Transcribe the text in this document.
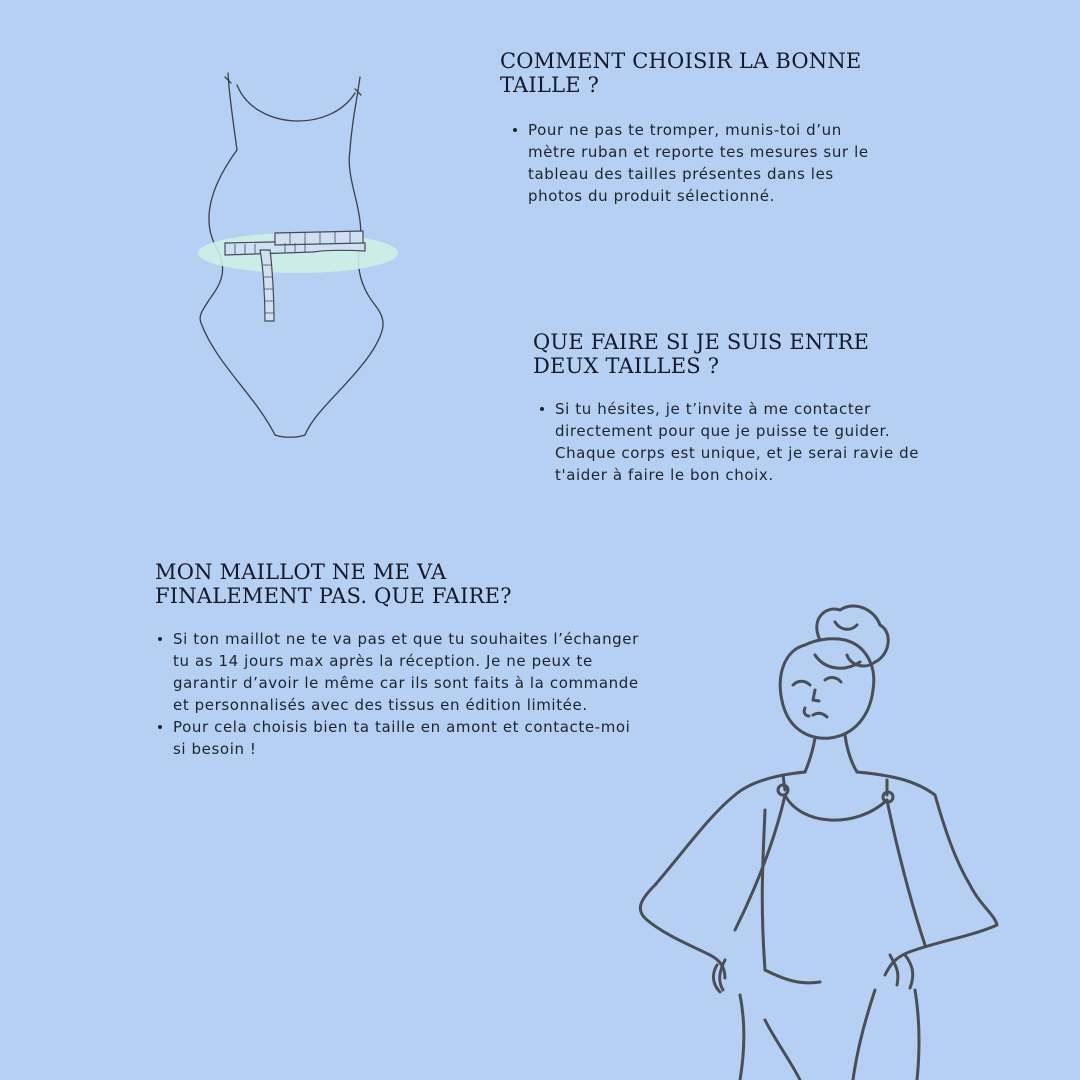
COMMENT CHOISIR LA BONNE TAILLE ?
Pour ne pas te tromper, munis-toi d’un mètre ruban et reporte tes mesures sur le tableau des tailles présentes dans les photos du produit sélectionné.
QUE FAIRE SI JE SUIS ENTRE DEUX TAILLES ?
Si tu hésites, je t’invite à me contacter directement pour que je puisse te guider. Chaque corps est unique, et je serai ravie de t'aider à faire le bon choix.
MON MAILLOT NE ME VA FINALEMENT PAS. QUE FAIRE?
Si ton maillot ne te va pas et que tu souhaites l’échanger tu as 14 jours max après la réception. Je ne peux te garantir d’avoir le même car ils sont faits à la commande et personnalisés avec des tissus en édition limitée.
Pour cela choisis bien ta taille en amont et contacte-moi si besoin !
